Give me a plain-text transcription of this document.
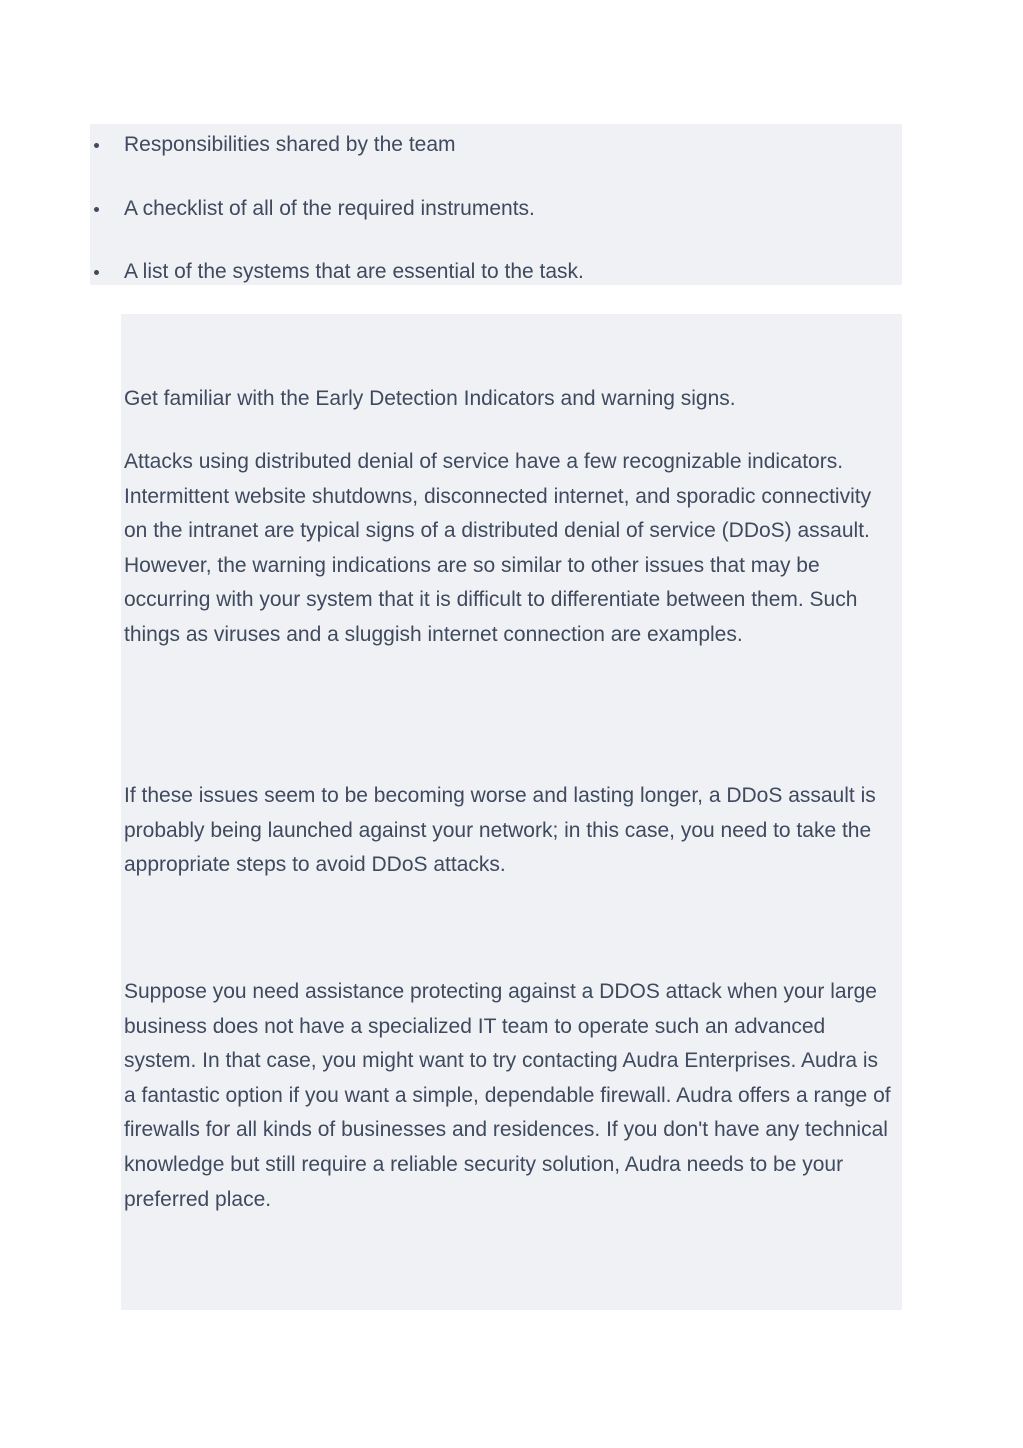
Responsibilities shared by the team
A checklist of all of the required instruments.
A list of the systems that are essential to the task.

Get familiar with the Early Detection Indicators and warning signs.

Attacks using distributed denial of service have a few recognizable indicators. Intermittent website shutdowns, disconnected internet, and sporadic connectivity on the intranet are typical signs of a distributed denial of service (DDoS) assault. However, the warning indications are so similar to other issues that may be occurring with your system that it is difficult to differentiate between them. Such things as viruses and a sluggish internet connection are examples.

If these issues seem to be becoming worse and lasting longer, a DDoS assault is probably being launched against your network; in this case, you need to take the appropriate steps to avoid DDoS attacks.

Suppose you need assistance protecting against a DDOS attack when your large business does not have a specialized IT team to operate such an advanced system. In that case, you might want to try contacting Audra Enterprises. Audra is a fantastic option if you want a simple, dependable firewall. Audra offers a range of firewalls for all kinds of businesses and residences. If you don't have any technical knowledge but still require a reliable security solution, Audra needs to be your preferred place.
